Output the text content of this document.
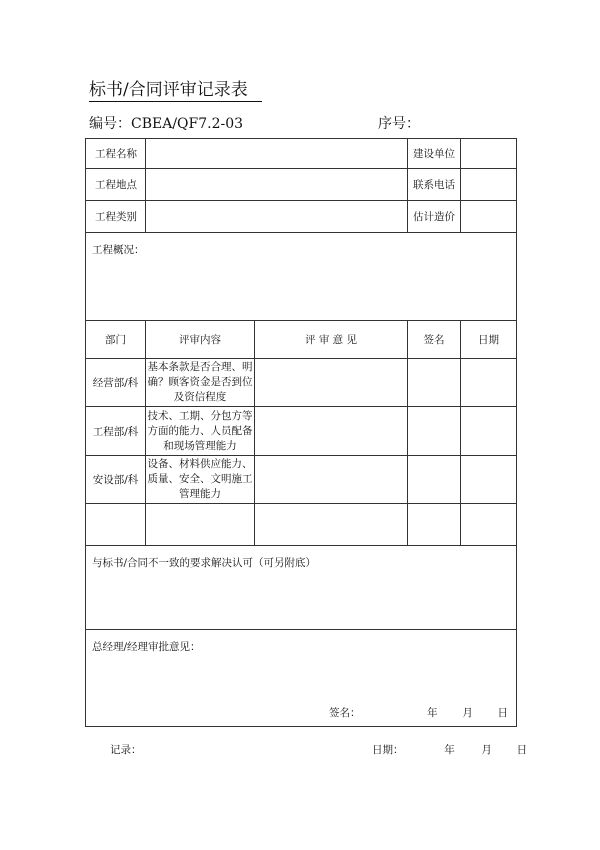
标书/合同评审记录表
编号：CBEA/QF7.2-03	序号：
工程名称			建设单位	
工程地点			联系电话	
工程类别			估计造价	
工程概况：				
部门	评审内容	评 审 意 见	签名	日期
经营部/科	基本条款是否合理、明确？顾客资金是否到位及资信程度			
工程部/科	技术、工期、分包方等方面的能力、人员配备和现场管理能力			
安设部/科	设备、材料供应能力、质量、安全、文明施工管理能力			

与标书/合同不一致的要求解决认可（可另附底）				

总经理/经理审批意见：
签名： 年 月 日				
记录：	日期：	年	月 日
